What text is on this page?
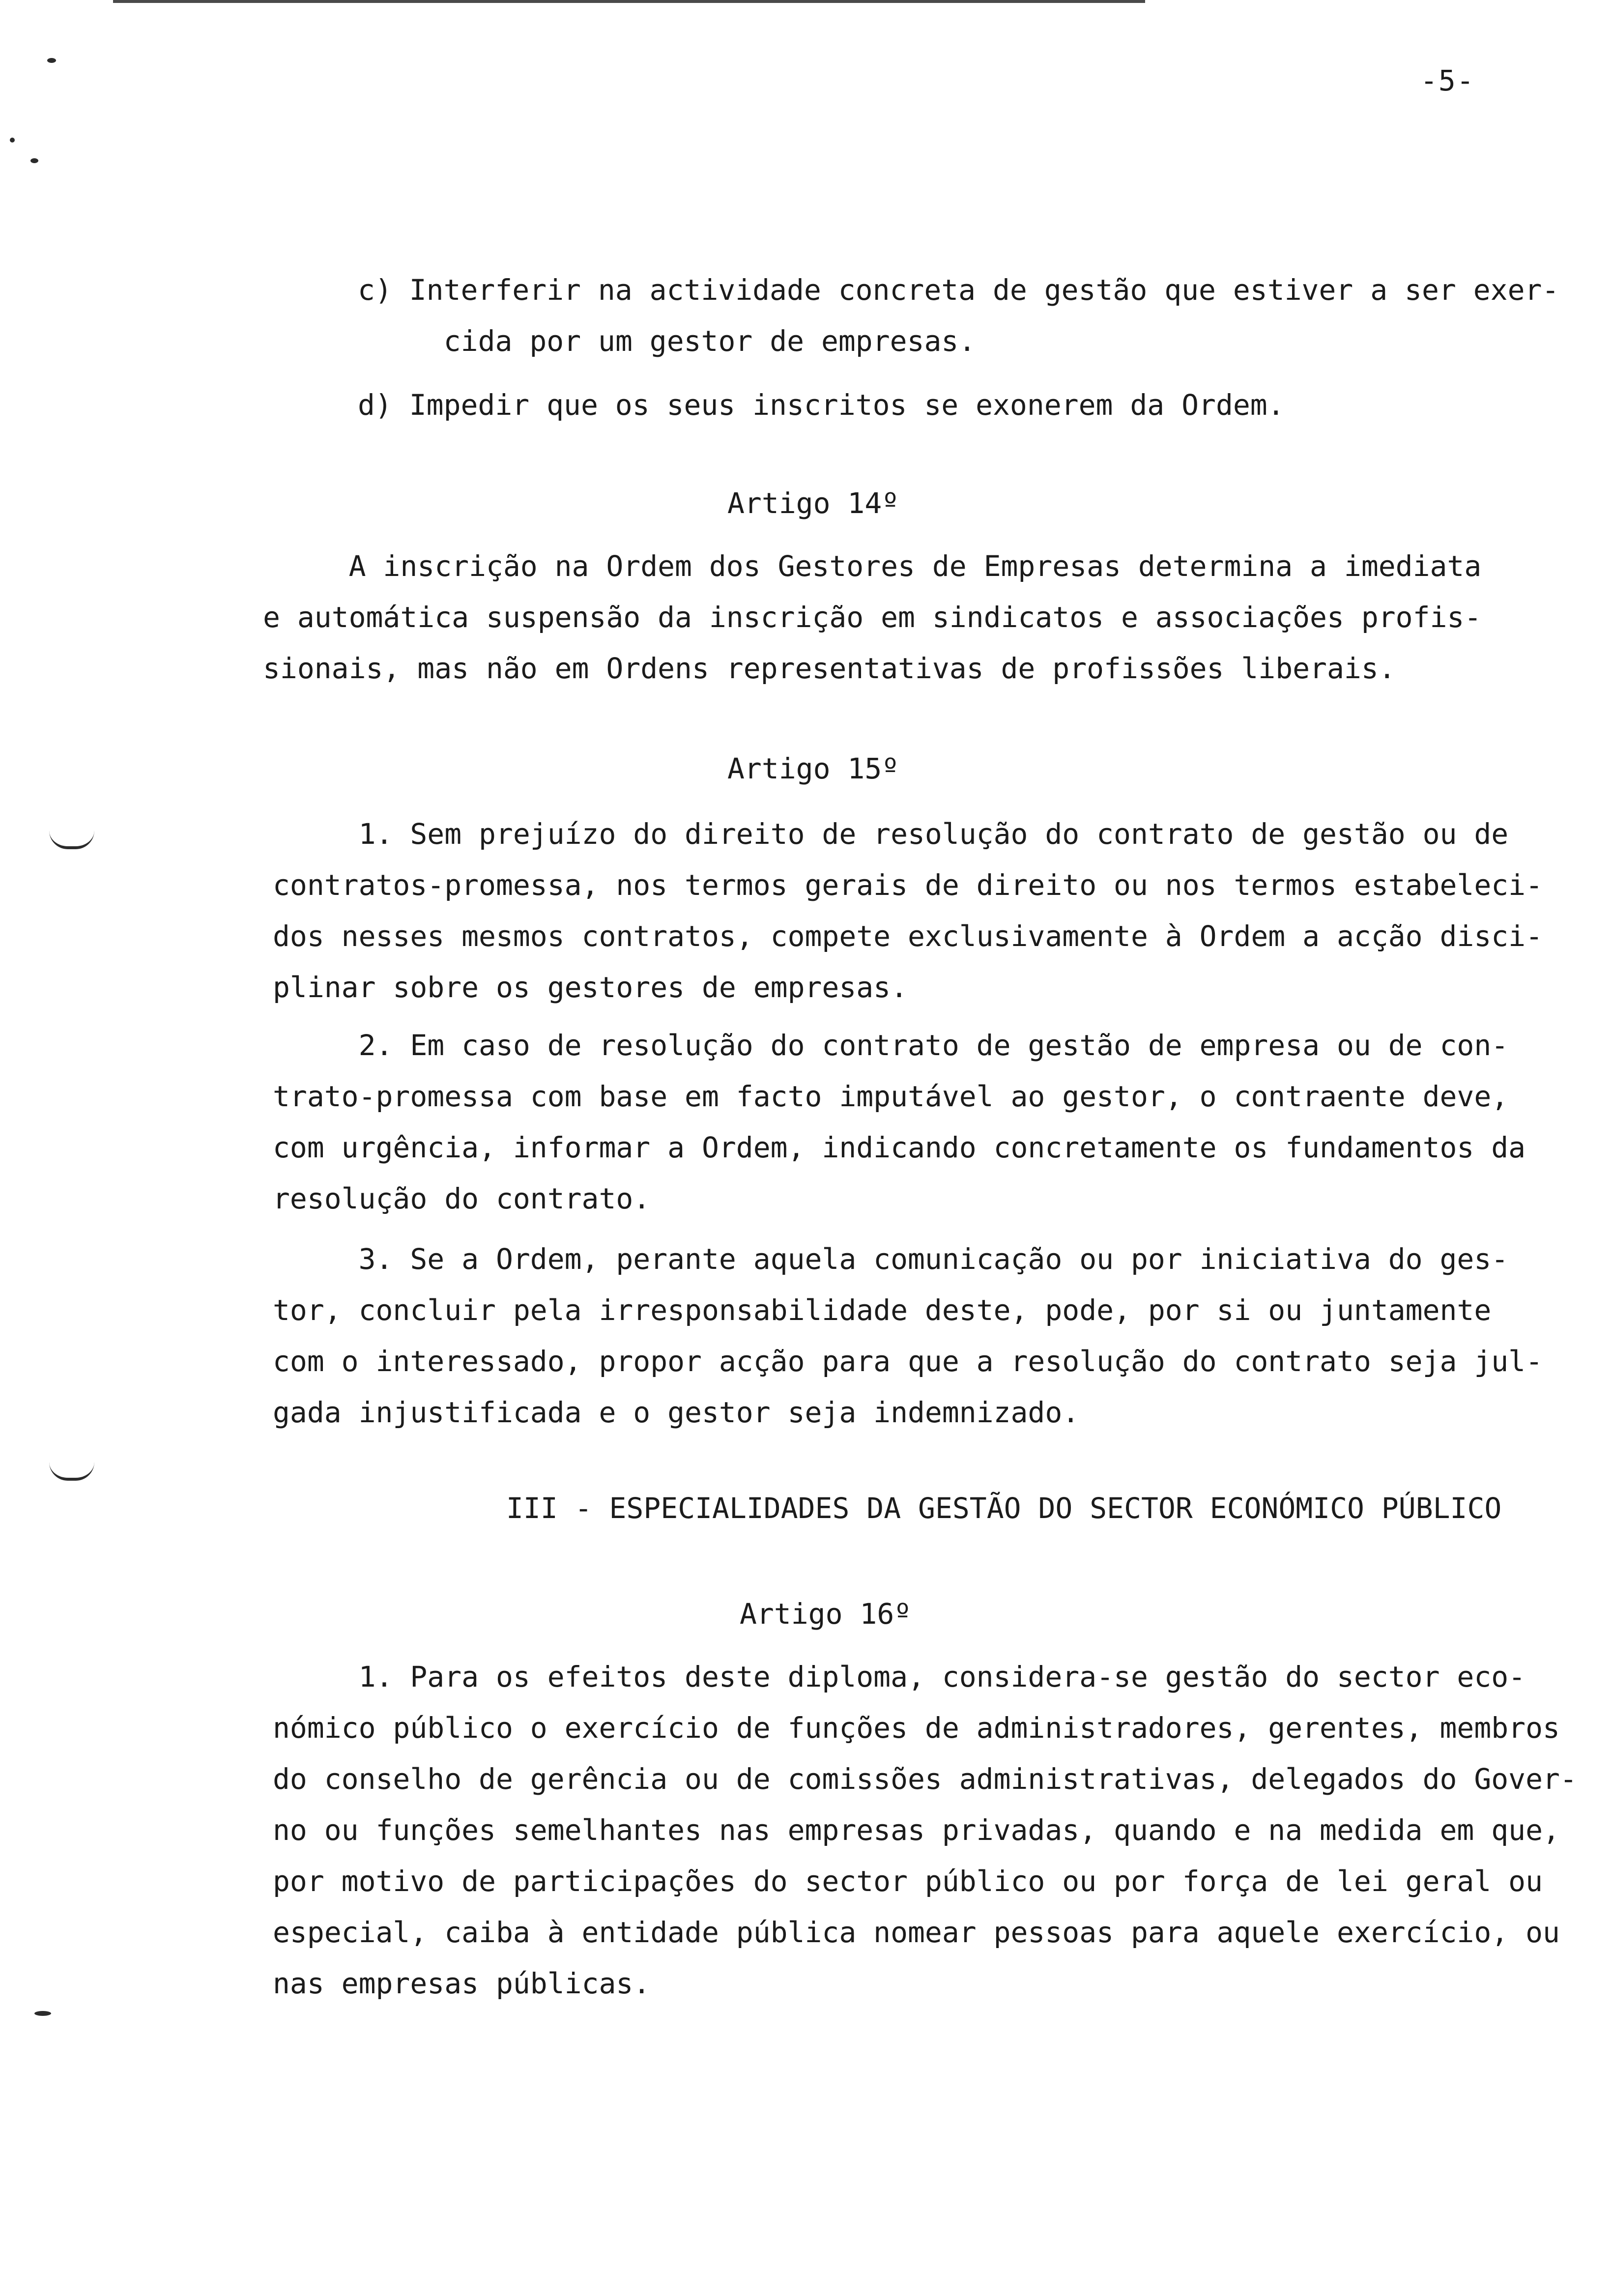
-5-
c) Interferir na actividade concreta de gestão que estiver a ser exer-
cida por um gestor de empresas.
d) Impedir que os seus inscritos se exonerem da Ordem.
Artigo 14º
A inscrição na Ordem dos Gestores de Empresas determina a imediata
e automática suspensão da inscrição em sindicatos e associações profis-
sionais, mas não em Ordens representativas de profissões liberais.
Artigo 15º
1. Sem prejuízo do direito de resolução do contrato de gestão ou de
contratos-promessa, nos termos gerais de direito ou nos termos estabeleci-
dos nesses mesmos contratos, compete exclusivamente à Ordem a acção disci-
plinar sobre os gestores de empresas.
2. Em caso de resolução do contrato de gestão de empresa ou de con-
trato-promessa com base em facto imputável ao gestor, o contraente deve,
com urgência, informar a Ordem, indicando concretamente os fundamentos da
resolução do contrato.
3. Se a Ordem, perante aquela comunicação ou por iniciativa do ges-
tor, concluir pela irresponsabilidade deste, pode, por si ou juntamente
com o interessado, propor acção para que a resolução do contrato seja jul-
gada injustificada e o gestor seja indemnizado.
III - ESPECIALIDADES DA GESTÃO DO SECTOR ECONÓMICO PÚBLICO
Artigo 16º
1. Para os efeitos deste diploma, considera-se gestão do sector eco-
nómico público o exercício de funções de administradores, gerentes, membros
do conselho de gerência ou de comissões administrativas, delegados do Gover-
no ou funções semelhantes nas empresas privadas, quando e na medida em que,
por motivo de participações do sector público ou por força de lei geral ou
especial, caiba à entidade pública nomear pessoas para aquele exercício, ou
nas empresas públicas.
